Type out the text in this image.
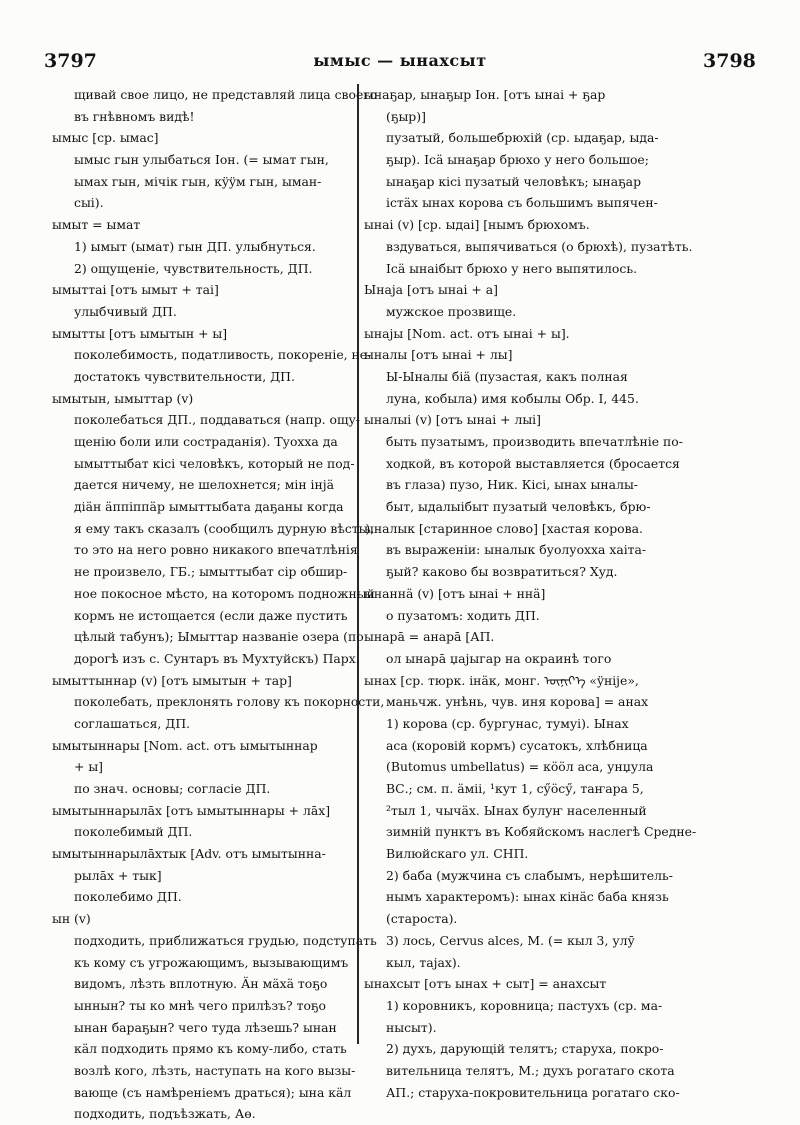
3797	ымыс — ынахсыт	3798
щивай свое лицо, не представляй лица своего
въ гнѣвномъ видѣ!
ымыс [ср. ымас]
ымыс гын улыбаться Іон. (= ымат гын,
ымах гын, мічік гын, кÿÿм гын, ыман-
сыі).
ымыт = ымат
1) ымыт (ымат) гын ДП. улыбнуться.
2) ощущеніе, чувствительность, ДП.
ымыттаі [отъ ымыт + таі]
улыбчивый ДП.
ымытты [отъ ымытын + ы]
поколебимость, податливость, покореніе, не-
достатокъ чувствительности, ДП.
ымытын, ымыттар (v)
поколебаться ДП., поддаваться (напр. ощу-
щенію боли или состраданія). Туохха да
ымыттыбат кісі человѣкъ, который не под-
дается ничему, не шелохнется; мін інjӓ
діӓн ӓппіппӓр ымыттыбата даҕаны когда
я ему такъ сказалъ (сообщилъ дурную вѣсть),
то это на него ровно никакого впечатлѣнія
не произвело, ГБ.; ымыттыбат сір обшир-
ное покосное мѣсто, на которомъ подножный
кормъ не истощается (если даже пустить
цѣлый табунъ); Ымыттар названіе озера (по
дорогѣ изъ с. Сунтаръ въ Мухтуйскъ) Парх.
ымыттыннар (v) [отъ ымытын + тар]
поколебать, преклонять голову къ покорности,
соглашаться, ДП.
ымытыннары [Nom. act. отъ ымытыннар
+ ы]
по знач. основы; согласіе ДП.
ымытыннарылāх [отъ ымытыннары + лāх]
поколебимый ДП.
ымытыннарылāхтык [Adv. отъ ымытынна-
рылāх + тык]
поколебимо ДП.
ын (v)
подходить, приближаться грудью, подступать
къ кому съ угрожающимъ, вызывающимъ
видомъ, лѣзть вплотную. Ӓн мӓхӓ тоҕо
ыннын? ты ко мнѣ чего прилѣзъ? тоҕо
ынан бараҕын? чего туда лѣзешь? ынан
кӓл подходить прямо къ кому-либо, стать
возлѣ кого, лѣзть, наступать на кого вызы-
вающе (съ намѣреніемъ драться); ына кӓл
подходить, подъѣзжать, Аө.
ынаҕар, ынаҕыр Іон. [отъ ынаі + ҕар
(ҕыр)]
пузатый, большебрюхій (ср. ыдаҕар, ыда-
ҕыр). Ісӓ ынаҕар брюхо у него большое;
ынаҕар кісі пузатый человѣкъ; ынаҕар
істӓх ынах корова съ большимъ выпячен-
ынаі (v) [ср. ыдаі] [нымъ брюхомъ.
вздуваться, выпячиваться (о брюхѣ), пузатѣть.
Ісӓ ынаібыт брюхо у него выпятилось.
Ынаја [отъ ынаі + а]
мужское прозвище.
ынаjы [Nom. act. отъ ынаі + ы].
ыналы [отъ ынаі + лы]
Ы-Ыналы біӓ (пузастая, какъ полная
луна, кобыла) имя кобылы Обр. І, 445.
ыналыі (v) [отъ ынаі + лыі]
быть пузатымъ, производить впечатлѣніе по-
ходкой, въ которой выставляется (бросается
въ глаза) пузо, Ник. Кісі, ынах ыналы-
быт, ыдалыібыт пузатый человѣкъ, брю-
ыналык [старинное слово] [хастая корова.
въ выраженіи: ыналык буолуохха хаіта-
ҕый? каково бы возвратиться? Худ.
ынаннӓ (v) [отъ ынаі + ннӓ]
о пузатомъ: ходить ДП.
ынарā = анарā [АП.
ол ынарā џаjыгар на окраинѣ того
ынах [ср. тюрк. інӓк, монг. ᠦᠨᠢᠶ᠎ᠡ «ÿнiјe»,
маньчж. унѣнь, чув. иня корова] = анах
1) корова (ср. бургунас, тумуі). Ынах
аса (коровій кормъ) сусатокъ, хлѣбница
(Butomus umbellatus) = кӧӧл аса, унџула
ВС.; см. п. ӓміі, ¹кут 1, сӳӧсӳ, таҥара 5,
²тыл 1, чычӓх. Ынах булуҥ населенный
зимній пунктъ въ Кобяйскомъ наслегѣ Средне-
Вилюйскаго ул. СНП.
2) баба (мужчина съ слабымъ, нерѣшитель-
нымъ характеромъ): ынах кінӓс баба князь
(староста).
3) лось, Cervus alces, М. (= кыл 3, улӯ
кыл, таjах).
ынахсыт [отъ ынах + сыт] = анахсыт
1) коровникъ, коровница; пастухъ (ср. ма-
нысыт).
2) духъ, дарующій телятъ; старуха, покро-
вительница телятъ, М.; духъ рогатаго скота
АП.; старуха-покровительница рогатаго ско-
